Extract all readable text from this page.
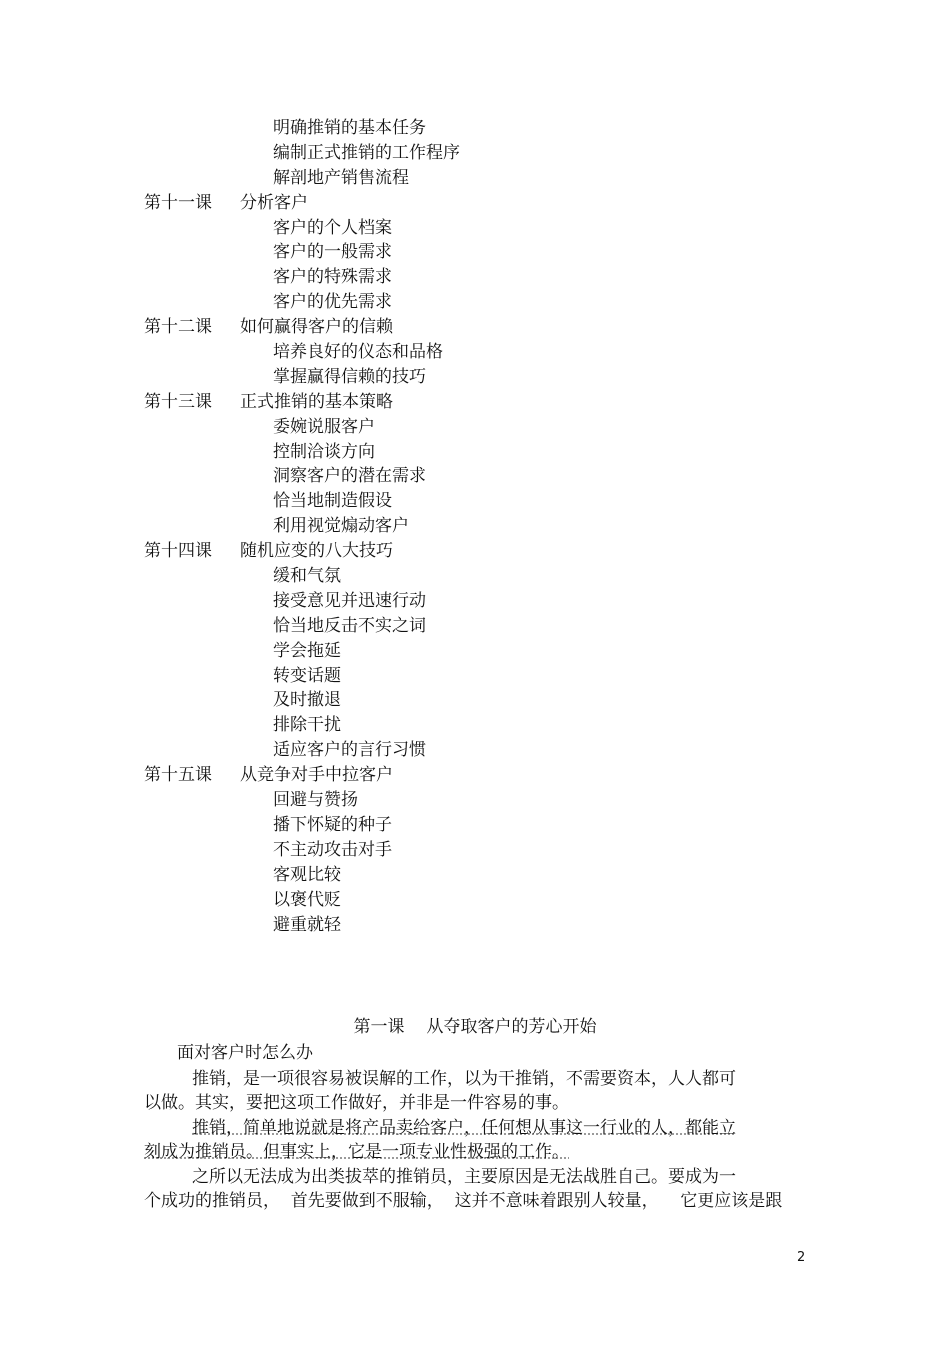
明确推销的基本任务
编制正式推销的工作程序
解剖地产销售流程
第十一课 分析客户
客户的个人档案
客户的一般需求
客户的特殊需求
客户的优先需求
第十二课 如何赢得客户的信赖
培养良好的仪态和品格
掌握赢得信赖的技巧
第十三课 正式推销的基本策略
委婉说服客户
控制洽谈方向
洞察客户的潜在需求
恰当地制造假设
利用视觉煽动客户
第十四课 随机应变的八大技巧
缓和气氛
接受意见并迅速行动
恰当地反击不实之词
学会拖延
转变话题
及时撤退
排除干扰
适应客户的言行习惯
第十五课 从竞争对手中拉客户
回避与赞扬
播下怀疑的种子
不主动攻击对手
客观比较
以褒代贬
避重就轻
第一课 从夺取客户的芳心开始
面对客户时怎么办
推销，是一项很容易被误解的工作，以为干推销，不需要资本，人人都可
以做。其实，要把这项工作做好，并非是一件容易的事。
推销，简单地说就是将产品卖给客户，任何想从事这一行业的人，都能立
刻成为推销员。但事实上，它是一项专业性极强的工作。
之所以无法成为出类拔萃的推销员，主要原因是无法战胜自己。要成为一
个成功的推销员，  首先要做到不服输，  这并不意味着跟别人较量，    它更应该是跟
2
